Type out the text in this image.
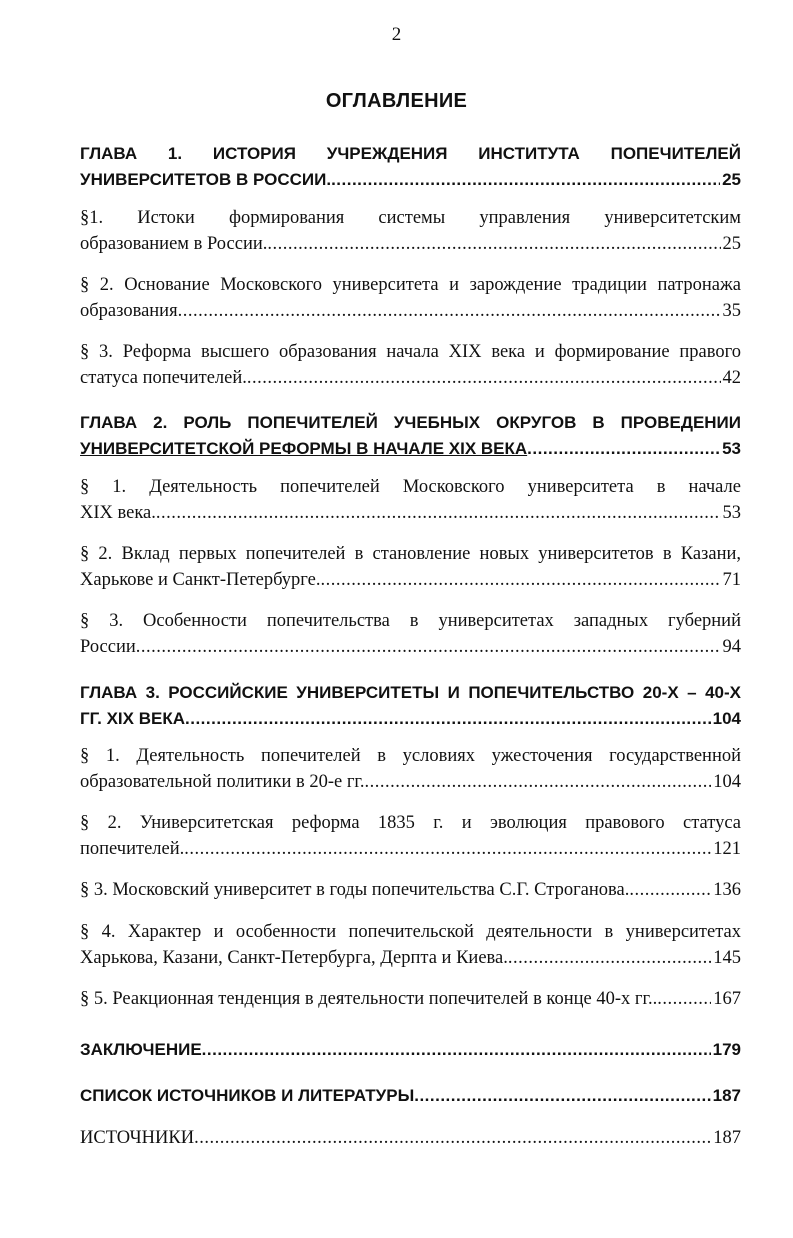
2
ОГЛАВЛЕНИЕ
ГЛАВА 1. ИСТОРИЯ УЧРЕЖДЕНИЯ ИНСТИТУТА ПОПЕЧИТЕЛЕЙ
УНИВЕРСИТЕТОВ В РОССИИ. .....	25
§1. Истоки формирования системы управления университетским
образованием в России. .....	25
§ 2. Основание Московского университета и зарождение традиции патронажа
образования .....	35
§ 3. Реформа высшего образования начала XIX века и формирование правого
статуса попечителей. .....	42
ГЛАВА 2. РОЛЬ ПОПЕЧИТЕЛЕЙ УЧЕБНЫХ ОКРУГОВ В ПРОВЕДЕНИИ
УНИВЕРСИТЕТСКОЙ РЕФОРМЫ В НАЧАЛЕ XIX ВЕКА .....	53
§ 1. Деятельность попечителей Московского университета в начале
XIX века. .....	53
§ 2. Вклад первых попечителей в становление новых университетов в Казани,
Харькове и Санкт-Петербурге. .....	71
§ 3. Особенности попечительства в университетах западных губерний
России .....	94
ГЛАВА 3. РОССИЙСКИЕ УНИВЕРСИТЕТЫ И ПОПЕЧИТЕЛЬСТВО 20-Х – 40-Х
ГГ. XIX ВЕКА .....	104
§ 1. Деятельность попечителей в условиях ужесточения государственной
образовательной политики в 20-е гг. .....	104
§ 2. Университетская реформа 1835 г. и эволюция правового статуса
попечителей. .....	121
§ 3. Московский университет в годы попечительства С.Г. Строганова. .....	136
§ 4. Характер и особенности попечительской деятельности в университетах
Харькова, Казани, Санкт-Петербурга, Дерпта и Киева. .....	145
§ 5. Реакционная тенденция в деятельности попечителей в конце 40-х гг.. .....	167
ЗАКЛЮЧЕНИЕ .....	179
СПИСОК ИСТОЧНИКОВ И ЛИТЕРАТУРЫ .....	187
ИСТОЧНИКИ .....	187
